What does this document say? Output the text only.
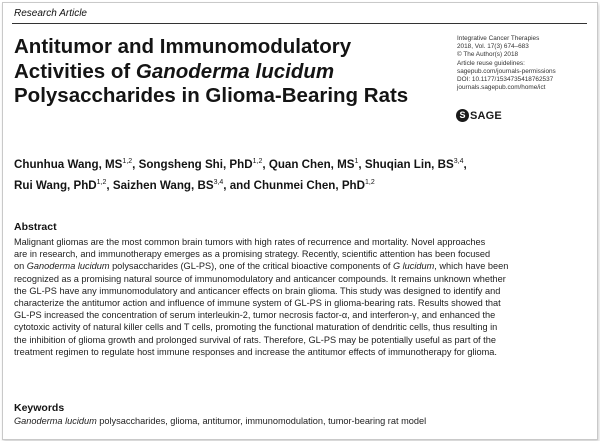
Research Article
Antitumor and Immunomodulatory
Activities of Ganoderma lucidum
Polysaccharides in Glioma-Bearing Rats
Integrative Cancer Therapies
2018, Vol. 17(3) 674–683
© The Author(s) 2018
Article reuse guidelines:
sagepub.com/journals-permissions
DOI: 10.1177/1534735418762537
journals.sagepub.com/home/ict
S SAGE
Chunhua Wang, MS$^{1,2}$, Songsheng Shi, PhD$^{1,2}$, Quan Chen, $MS^1$, Shuqian Lin, BS$^{3,4}$,
Rui Wang, PhD$^{1,2}$, Saizhen Wang, BS$^{3,4}$, and Chunmei Chen, PhD$^{1,2}$
Abstract

Malignant gliomas are the most common brain tumors with high rates of recurrence and mortality. Novel approaches
are in research, and immunotherapy emerges as a promising strategy. Recently, scientific attention has been focused
on Ganoderma lucidum polysaccharides (GL-PS), one of the critical bioactive components of G lucidum, which have been
recognized as a promising natural source of immunomodulatory and anticancer compounds. It remains unknown whether
the GL-PS have any immunomodulatory and anticancer effects on brain glioma. This study was designed to identify and
characterize the antitumor action and influence of immune system of GL-PS in glioma-bearing rats. Results showed that
GL-PS increased the concentration of serum interleukin-2, tumor necrosis factor-α, and interferon-γ, and enhanced the
cytotoxic activity of natural killer cells and T cells, promoting the functional maturation of dendritic cells, thus resulting in
the inhibition of glioma growth and prolonged survival of rats. Therefore, GL-PS may be potentially useful as part of the
treatment regimen to regulate host immune responses and increase the antitumor effects of immunotherapy for glioma.

Keywords
Ganoderma lucidum polysaccharides, glioma, antitumor, immunomodulation, tumor-bearing rat model
